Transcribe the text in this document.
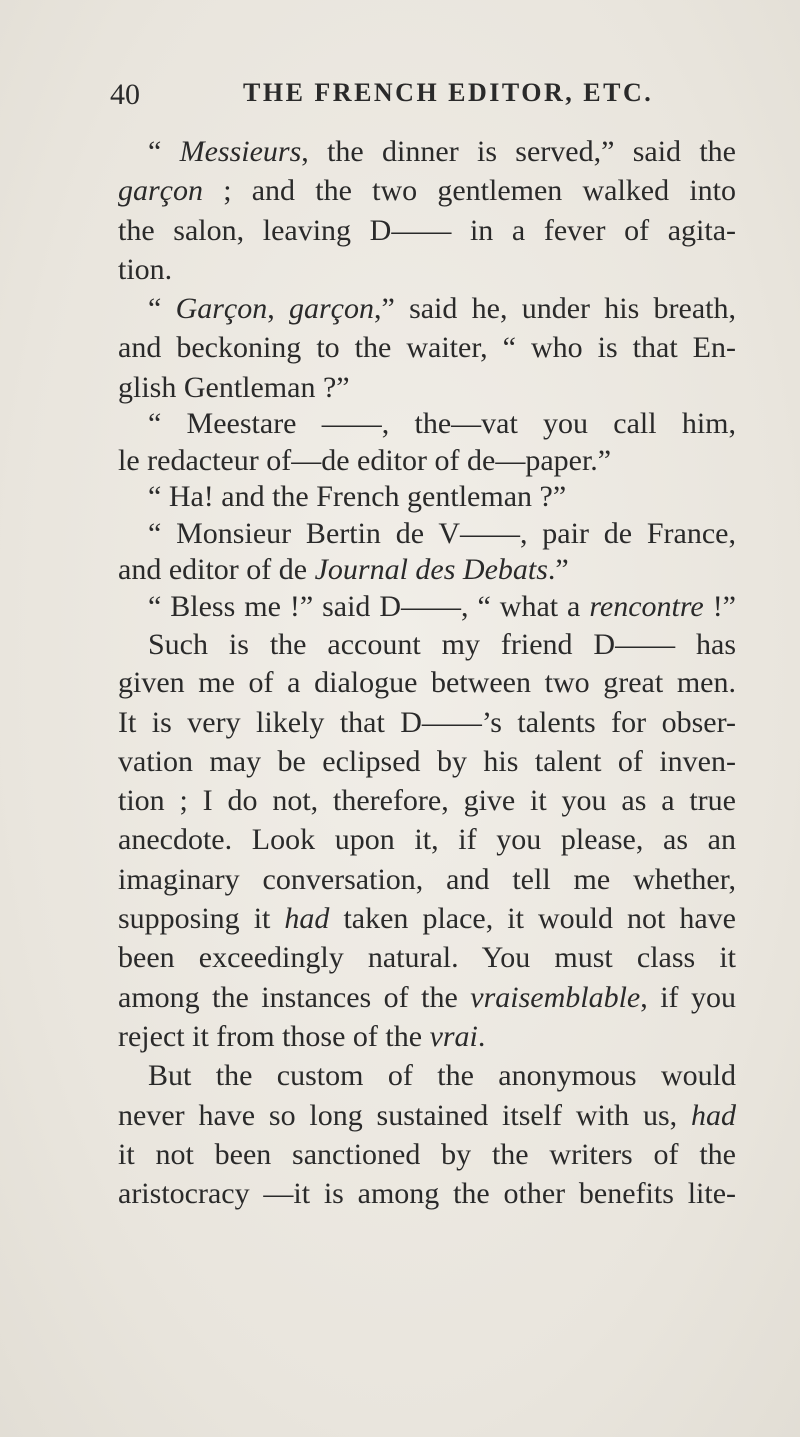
40	THE FRENCH EDITOR, ETC.
“ Messieurs, the dinner is served,” said the
garçon ; and the two gentlemen walked into
the salon, leaving D—— in a fever of agita-
tion.
“ Garçon, garçon,” said he, under his breath,
and beckoning to the waiter, “ who is that En-
glish Gentleman ?”
“ Meestare ——, the—vat you call him,
le redacteur of—de editor of de—paper.”
“ Ha! and the French gentleman ?”
“ Monsieur Bertin de V——, pair de France,
and editor of de Journal des Debats.”
“ Bless me !” said D——, “ what a rencontre !”
Such is the account my friend D—— has
given me of a dialogue between two great men.
It is very likely that D——’s talents for obser-
vation may be eclipsed by his talent of inven-
tion ; I do not, therefore, give it you as a true
anecdote. Look upon it, if you please, as an
imaginary conversation, and tell me whether,
supposing it had taken place, it would not have
been exceedingly natural. You must class it
among the instances of the vraisemblable, if you
reject it from those of the vrai.
But the custom of the anonymous would
never have so long sustained itself with us, had
it not been sanctioned by the writers of the
aristocracy —it is among the other benefits lite-
